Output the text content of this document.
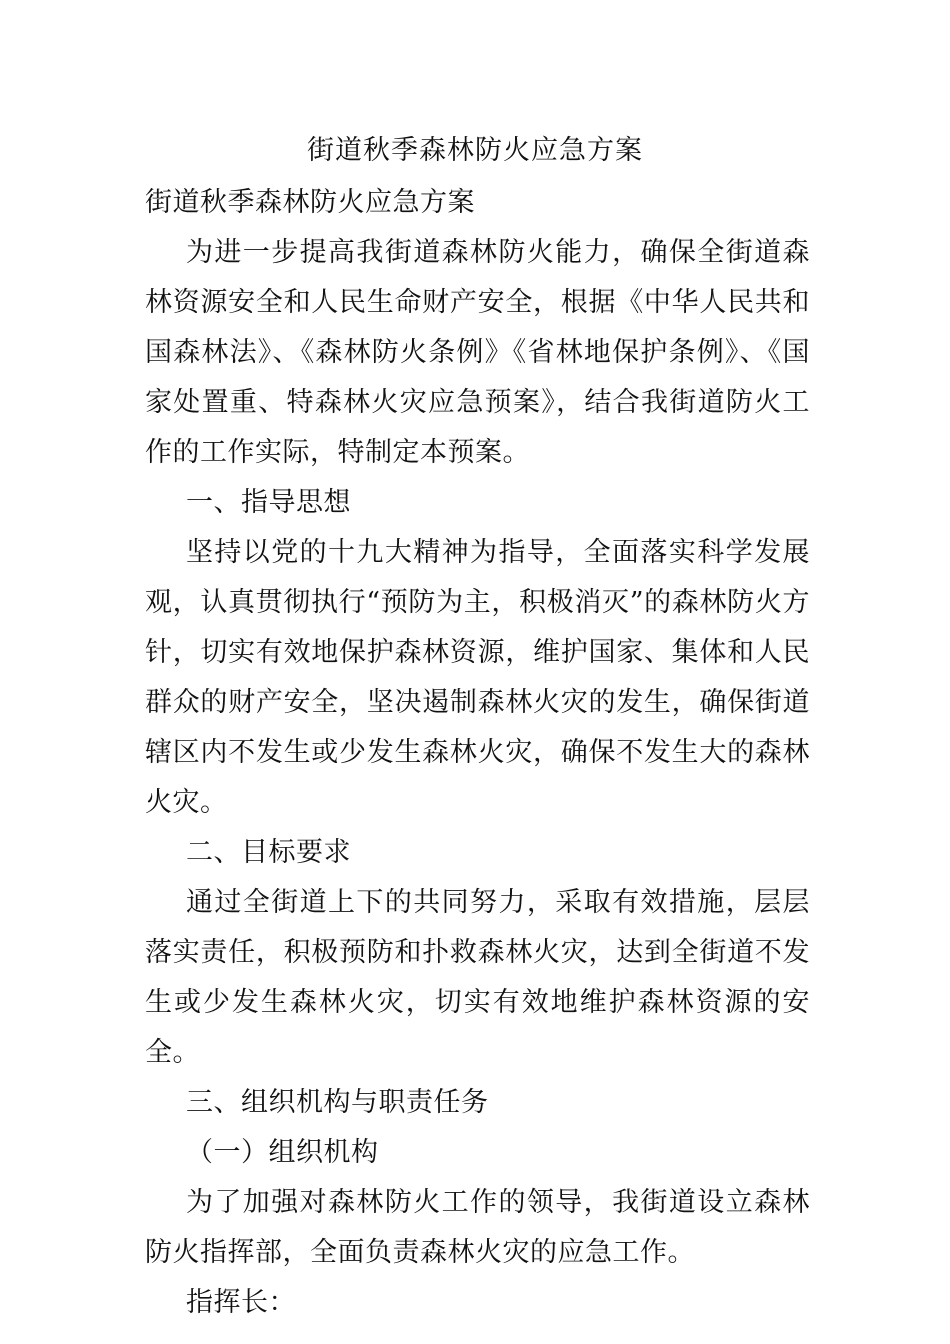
街道秋季森林防火应急方案

街道秋季森林防火应急方案

为进一步提高我街道森林防火能力，确保全街道森林资源安全和人民生命财产安全，根据《中华人民共和国森林法》、《森林防火条例》《省林地保护条例》、《国家处置重、特森林火灾应急预案》，结合我街道防火工作的工作实际，特制定本预案。

一、指导思想

坚持以党的十九大精神为指导，全面落实科学发展观，认真贯彻执行“预防为主，积极消灭”的森林防火方针，切实有效地保护森林资源，维护国家、集体和人民群众的财产安全，坚决遏制森林火灾的发生，确保街道辖区内不发生或少发生森林火灾，确保不发生大的森林火灾。

二、目标要求

通过全街道上下的共同努力，采取有效措施，层层落实责任，积极预防和扑救森林火灾，达到全街道不发生或少发生森林火灾，切实有效地维护森林资源的安全。

三、组织机构与职责任务

（一）组织机构

为了加强对森林防火工作的领导，我街道设立森林防火指挥部，全面负责森林火灾的应急工作。

指挥长：
